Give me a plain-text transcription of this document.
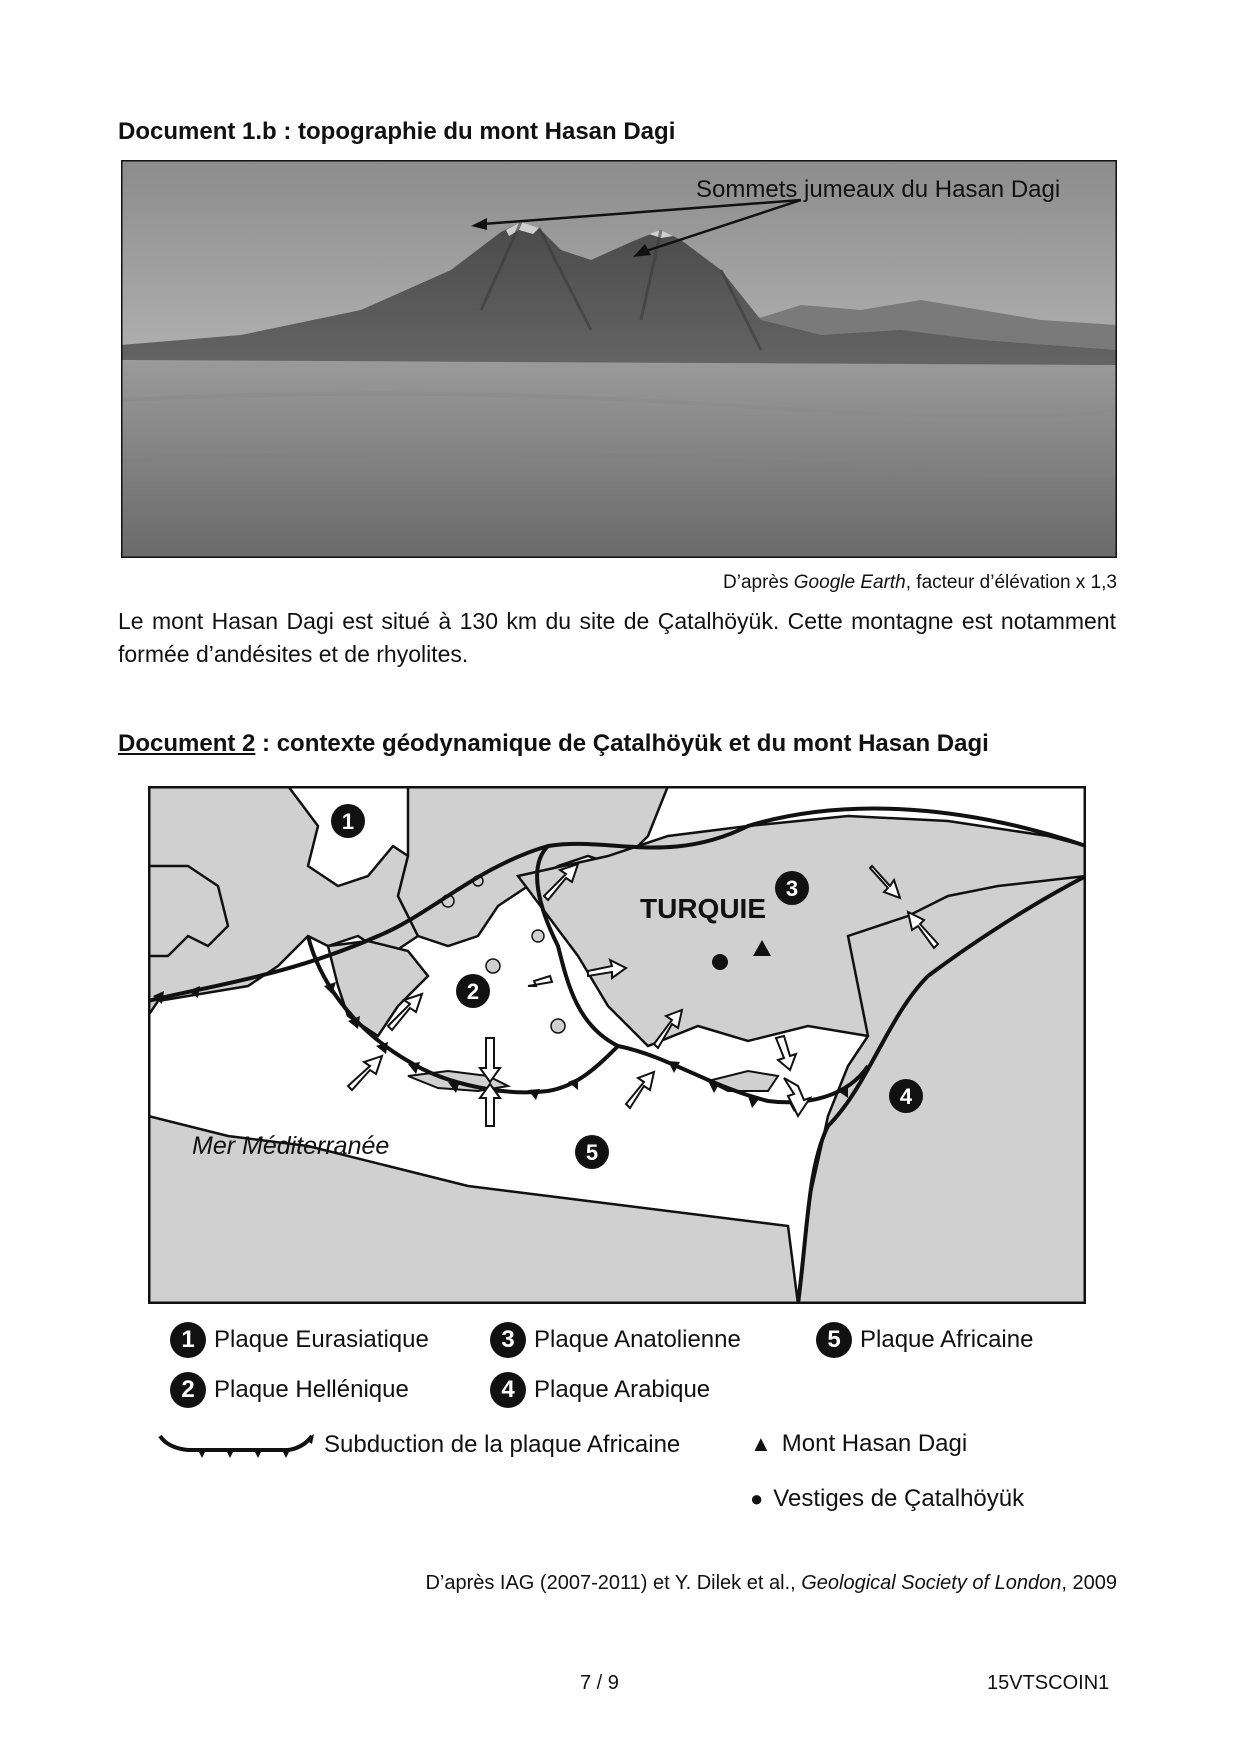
Document 1.b : topographie du mont Hasan Dagi
Sommets jumeaux du Hasan Dagi
D’après Google Earth, facteur d’élévation x 1,3
Le mont Hasan Dagi est situé à 130 km du site de Çatalhöyük. Cette montagne est notamment formée d’andésites et de rhyolites.
Document 2 : contexte géodynamique de Çatalhöyük et du mont Hasan Dagi
1
2
3
4
5
TURQUIE
Mer Méditerranée
1 Plaque Eurasiatique
2 Plaque Hellénique
3 Plaque Anatolienne
4 Plaque Arabique
5 Plaque Africaine
Subduction de la plaque Africaine	▲ Mont Hasan Dagi
● Vestiges de Çatalhöyük
D’après IAG (2007-2011) et Y. Dilek et al., Geological Society of London, 2009
7 / 9	15VTSCOIN1
